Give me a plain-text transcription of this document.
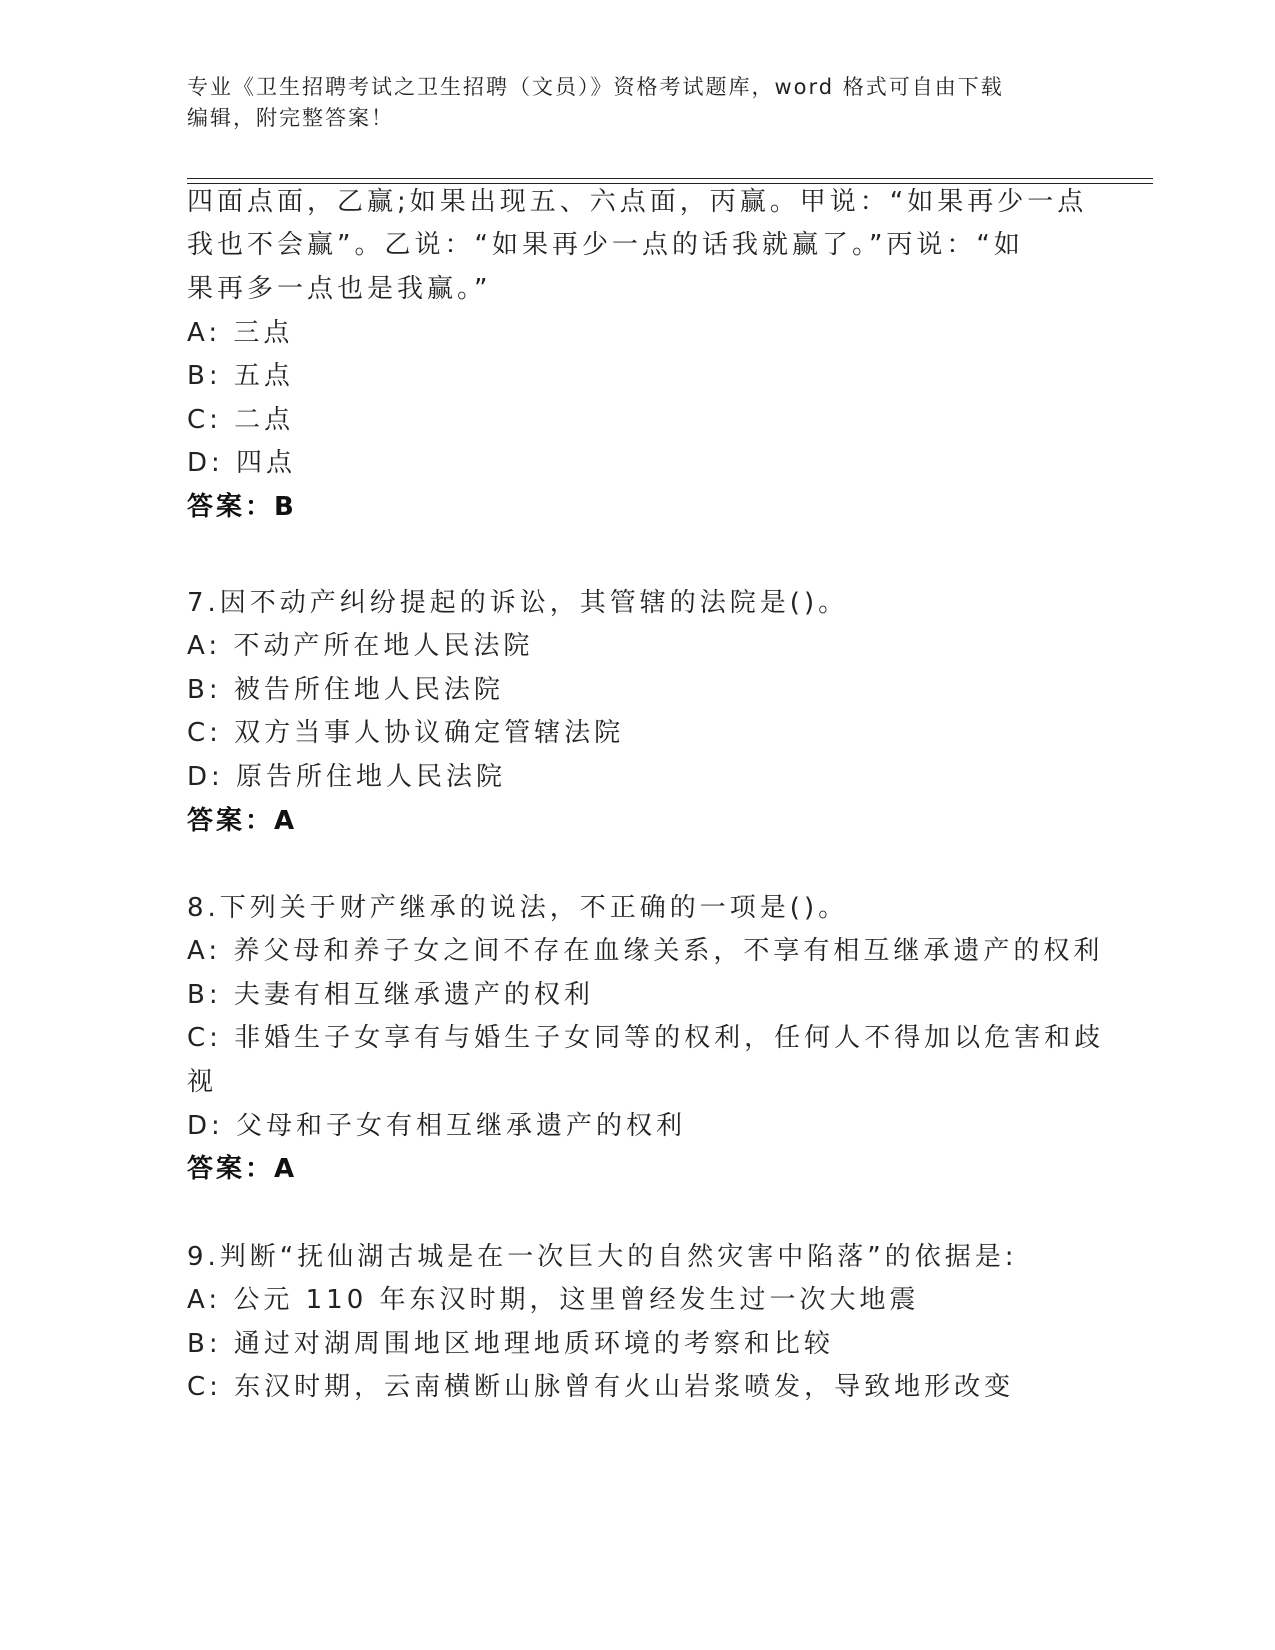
专业《卫生招聘考试之卫生招聘（文员）》资格考试题库，word 格式可自由下载
编辑，附完整答案！
四面点面，乙赢;如果出现五、六点面，丙赢。甲说：“如果再少一点
我也不会赢”。乙说：“如果再少一点的话我就赢了。”丙说：“如
果再多一点也是我赢。”
A: 三点
B: 五点
C: 二点
D: 四点
答案：B
7.因不动产纠纷提起的诉讼，其管辖的法院是()。
A: 不动产所在地人民法院
B: 被告所住地人民法院
C: 双方当事人协议确定管辖法院
D: 原告所住地人民法院
答案：A
8.下列关于财产继承的说法，不正确的一项是()。
A: 养父母和养子女之间不存在血缘关系，不享有相互继承遗产的权利
B: 夫妻有相互继承遗产的权利
C: 非婚生子女享有与婚生子女同等的权利，任何人不得加以危害和歧
视
D: 父母和子女有相互继承遗产的权利
答案：A
9.判断“抚仙湖古城是在一次巨大的自然灾害中陷落”的依据是:
A: 公元 110 年东汉时期，这里曾经发生过一次大地震
B: 通过对湖周围地区地理地质环境的考察和比较
C: 东汉时期，云南横断山脉曾有火山岩浆喷发，导致地形改变
